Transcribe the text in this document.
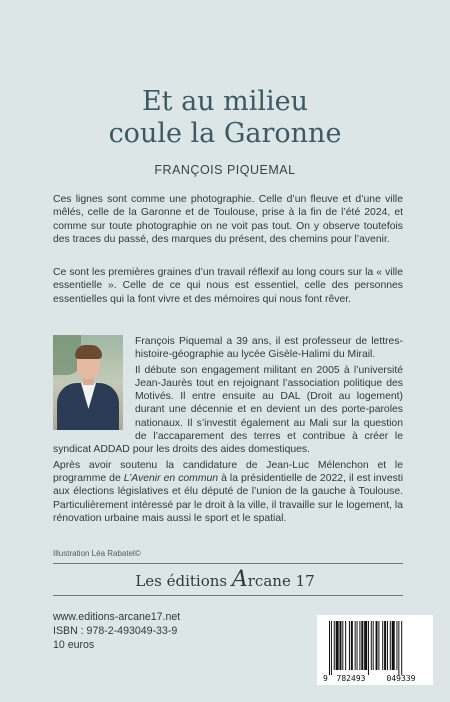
Et au milieu
coule la Garonne
FRANÇOIS PIQUEMAL

Ces lignes sont comme une photographie. Celle d’un fleuve et d’une ville mêlés, celle de la Garonne et de Toulouse, prise à la fin de l’été 2024, et comme sur toute photographie on ne voit pas tout. On y observe toutefois des traces du passé, des marques du présent, des chemins pour l’avenir.

Ce sont les premières graines d’un travail réflexif au long cours sur la « ville essentielle ». Celle de ce qui nous est essentiel, celle des personnes essentielles qui la font vivre et des mémoires qui nous font rêver.

François Piquemal a 39 ans, il est professeur de lettres-histoire-géographie au lycée Gisèle-Halimi du Mirail.

Il débute son engagement militant en 2005 à l’université Jean-Jaurès tout en rejoignant l’association politique des Motivés. Il entre ensuite au DAL (Droit au logement) durant une décennie et en devient un des porte-paroles nationaux. Il s’investit également au Mali sur la question de l’accaparement des terres et contribue à créer le syndicat ADDAD pour les droits des aides domestiques.

Après avoir soutenu la candidature de Jean-Luc Mélenchon et le programme de L’Avenir en commun à la présidentielle de 2022, il est investi aux élections législatives et élu député de l’union de la gauche à Toulouse. Particulièrement intéressé par le droit à la ville, il travaille sur le logement, la rénovation urbaine mais aussi le sport et le spatial.

Illustration Léa Rabatel©
Les éditions Arcane 17
www.editions-arcane17.net
ISBN : 978-2-493049-33-9
10 euros
9 782493	049339
